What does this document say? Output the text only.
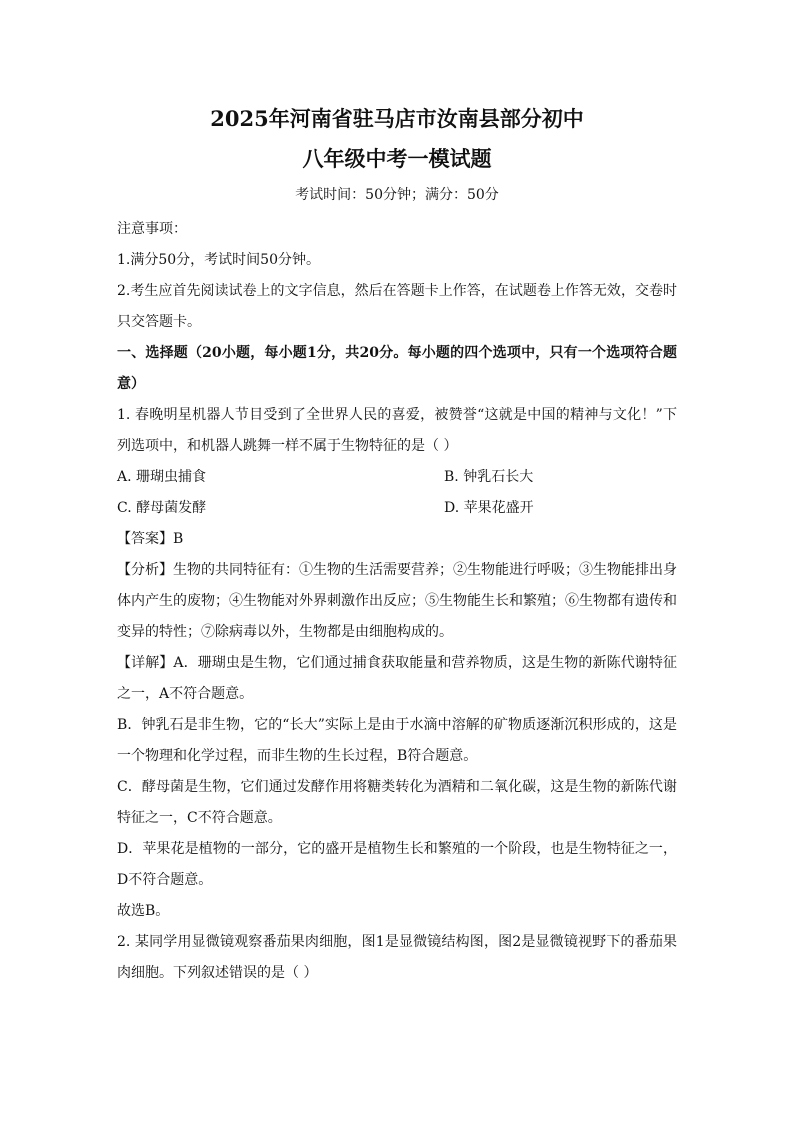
2025年河南省驻马店市汝南县部分初中
八年级中考一模试题
考试时间：50分钟；满分：50分

注意事项：

1.满分50分，考试时间50分钟。

2.考生应首先阅读试卷上的文字信息，然后在答题卡上作答，在试题卷上作答无效，交卷时只交答题卡。

一、选择题（20小题，每小题1分，共20分。每小题的四个选项中，只有一个选项符合题意）

1. 春晚明星机器人节目受到了全世界人民的喜爱，被赞誉“这就是中国的精神与文化！”下列选项中，和机器人跳舞一样不属于生物特征的是（ ）

A. 珊瑚虫捕食	B. 钟乳石长大
C. 酵母菌发酵	D. 苹果花盛开

【答案】B

【分析】生物的共同特征有：①生物的生活需要营养；②生物能进行呼吸；③生物能排出身体内产生的废物；④生物能对外界刺激作出反应；⑤生物能生长和繁殖；⑥生物都有遗传和变异的特性；⑦除病毒以外，生物都是由细胞构成的。

【详解】A．珊瑚虫是生物，它们通过捕食获取能量和营养物质，这是生物的新陈代谢特征之一，A不符合题意。

B．钟乳石是非生物，它的“长大”实际上是由于水滴中溶解的矿物质逐渐沉积形成的，这是一个物理和化学过程，而非生物的生长过程，B符合题意。

C．酵母菌是生物，它们通过发酵作用将糖类转化为酒精和二氧化碳，这是生物的新陈代谢特征之一，C不符合题意。

D．苹果花是植物的一部分，它的盛开是植物生长和繁殖的一个阶段，也是生物特征之一，D不符合题意。

故选B。

2. 某同学用显微镜观察番茄果肉细胞，图1是显微镜结构图，图2是显微镜视野下的番茄果肉细胞。下列叙述错误的是（ ）
